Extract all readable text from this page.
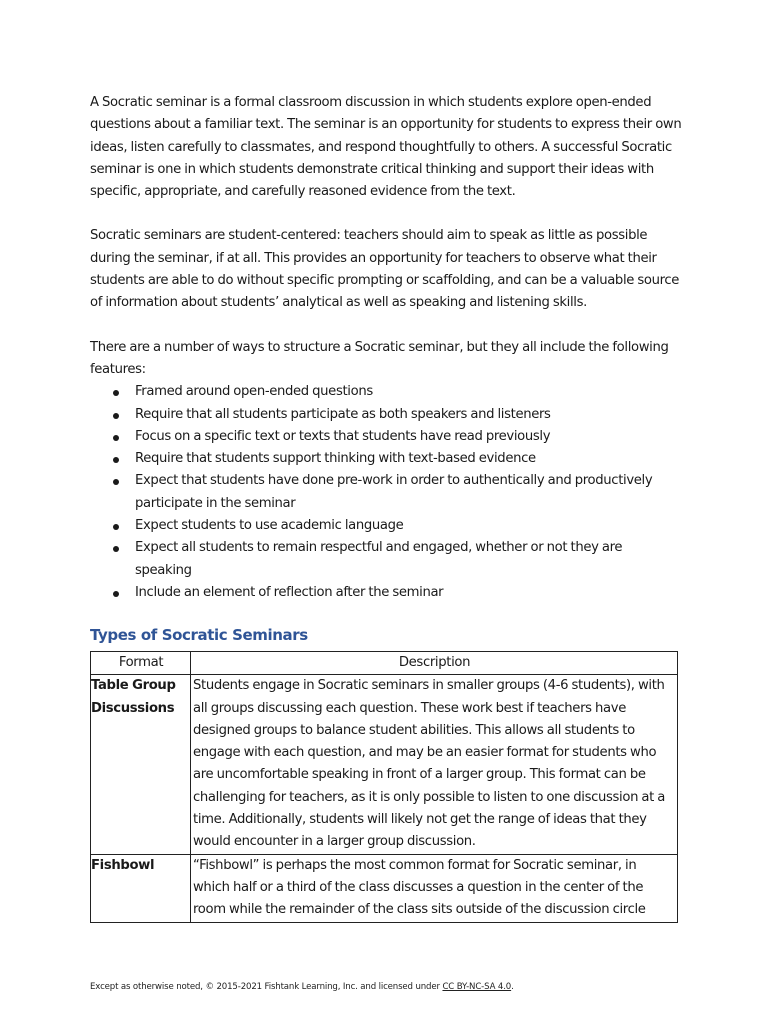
A Socratic seminar is a formal classroom discussion in which students explore open-ended questions about a familiar text. The seminar is an opportunity for students to express their own ideas, listen carefully to classmates, and respond thoughtfully to others. A successful Socratic seminar is one in which students demonstrate critical thinking and support their ideas with specific, appropriate, and carefully reasoned evidence from the text.

Socratic seminars are student-centered: teachers should aim to speak as little as possible during the seminar, if at all. This provides an opportunity for teachers to observe what their students are able to do without specific prompting or scaffolding, and can be a valuable source of information about students’ analytical as well as speaking and listening skills.

There are a number of ways to structure a Socratic seminar, but they all include the following features:

Framed around open-ended questions
Require that all students participate as both speakers and listeners
Focus on a specific text or texts that students have read previously
Require that students support thinking with text-based evidence
Expect that students have done pre-work in order to authentically and productively participate in the seminar
Expect students to use academic language
Expect all students to remain respectful and engaged, whether or not they are speaking
Include an element of reflection after the seminar
Types of Socratic Seminars
Format	Description
Table Group Discussions	Students engage in Socratic seminars in smaller groups (4-6 students), with all groups discussing each question. These work best if teachers have designed groups to balance student abilities. This allows all students to engage with each question, and may be an easier format for students who are uncomfortable speaking in front of a larger group. This format can be challenging for teachers, as it is only possible to listen to one discussion at a time. Additionally, students will likely not get the range of ideas that they would encounter in a larger group discussion.
Fishbowl	“Fishbowl” is perhaps the most common format for Socratic seminar, in which half or a third of the class discusses a question in the center of the room while the remainder of the class sits outside of the discussion circle
Except as otherwise noted, © 2015-2021 Fishtank Learning, Inc. and licensed under CC BY-NC-SA 4.0.
